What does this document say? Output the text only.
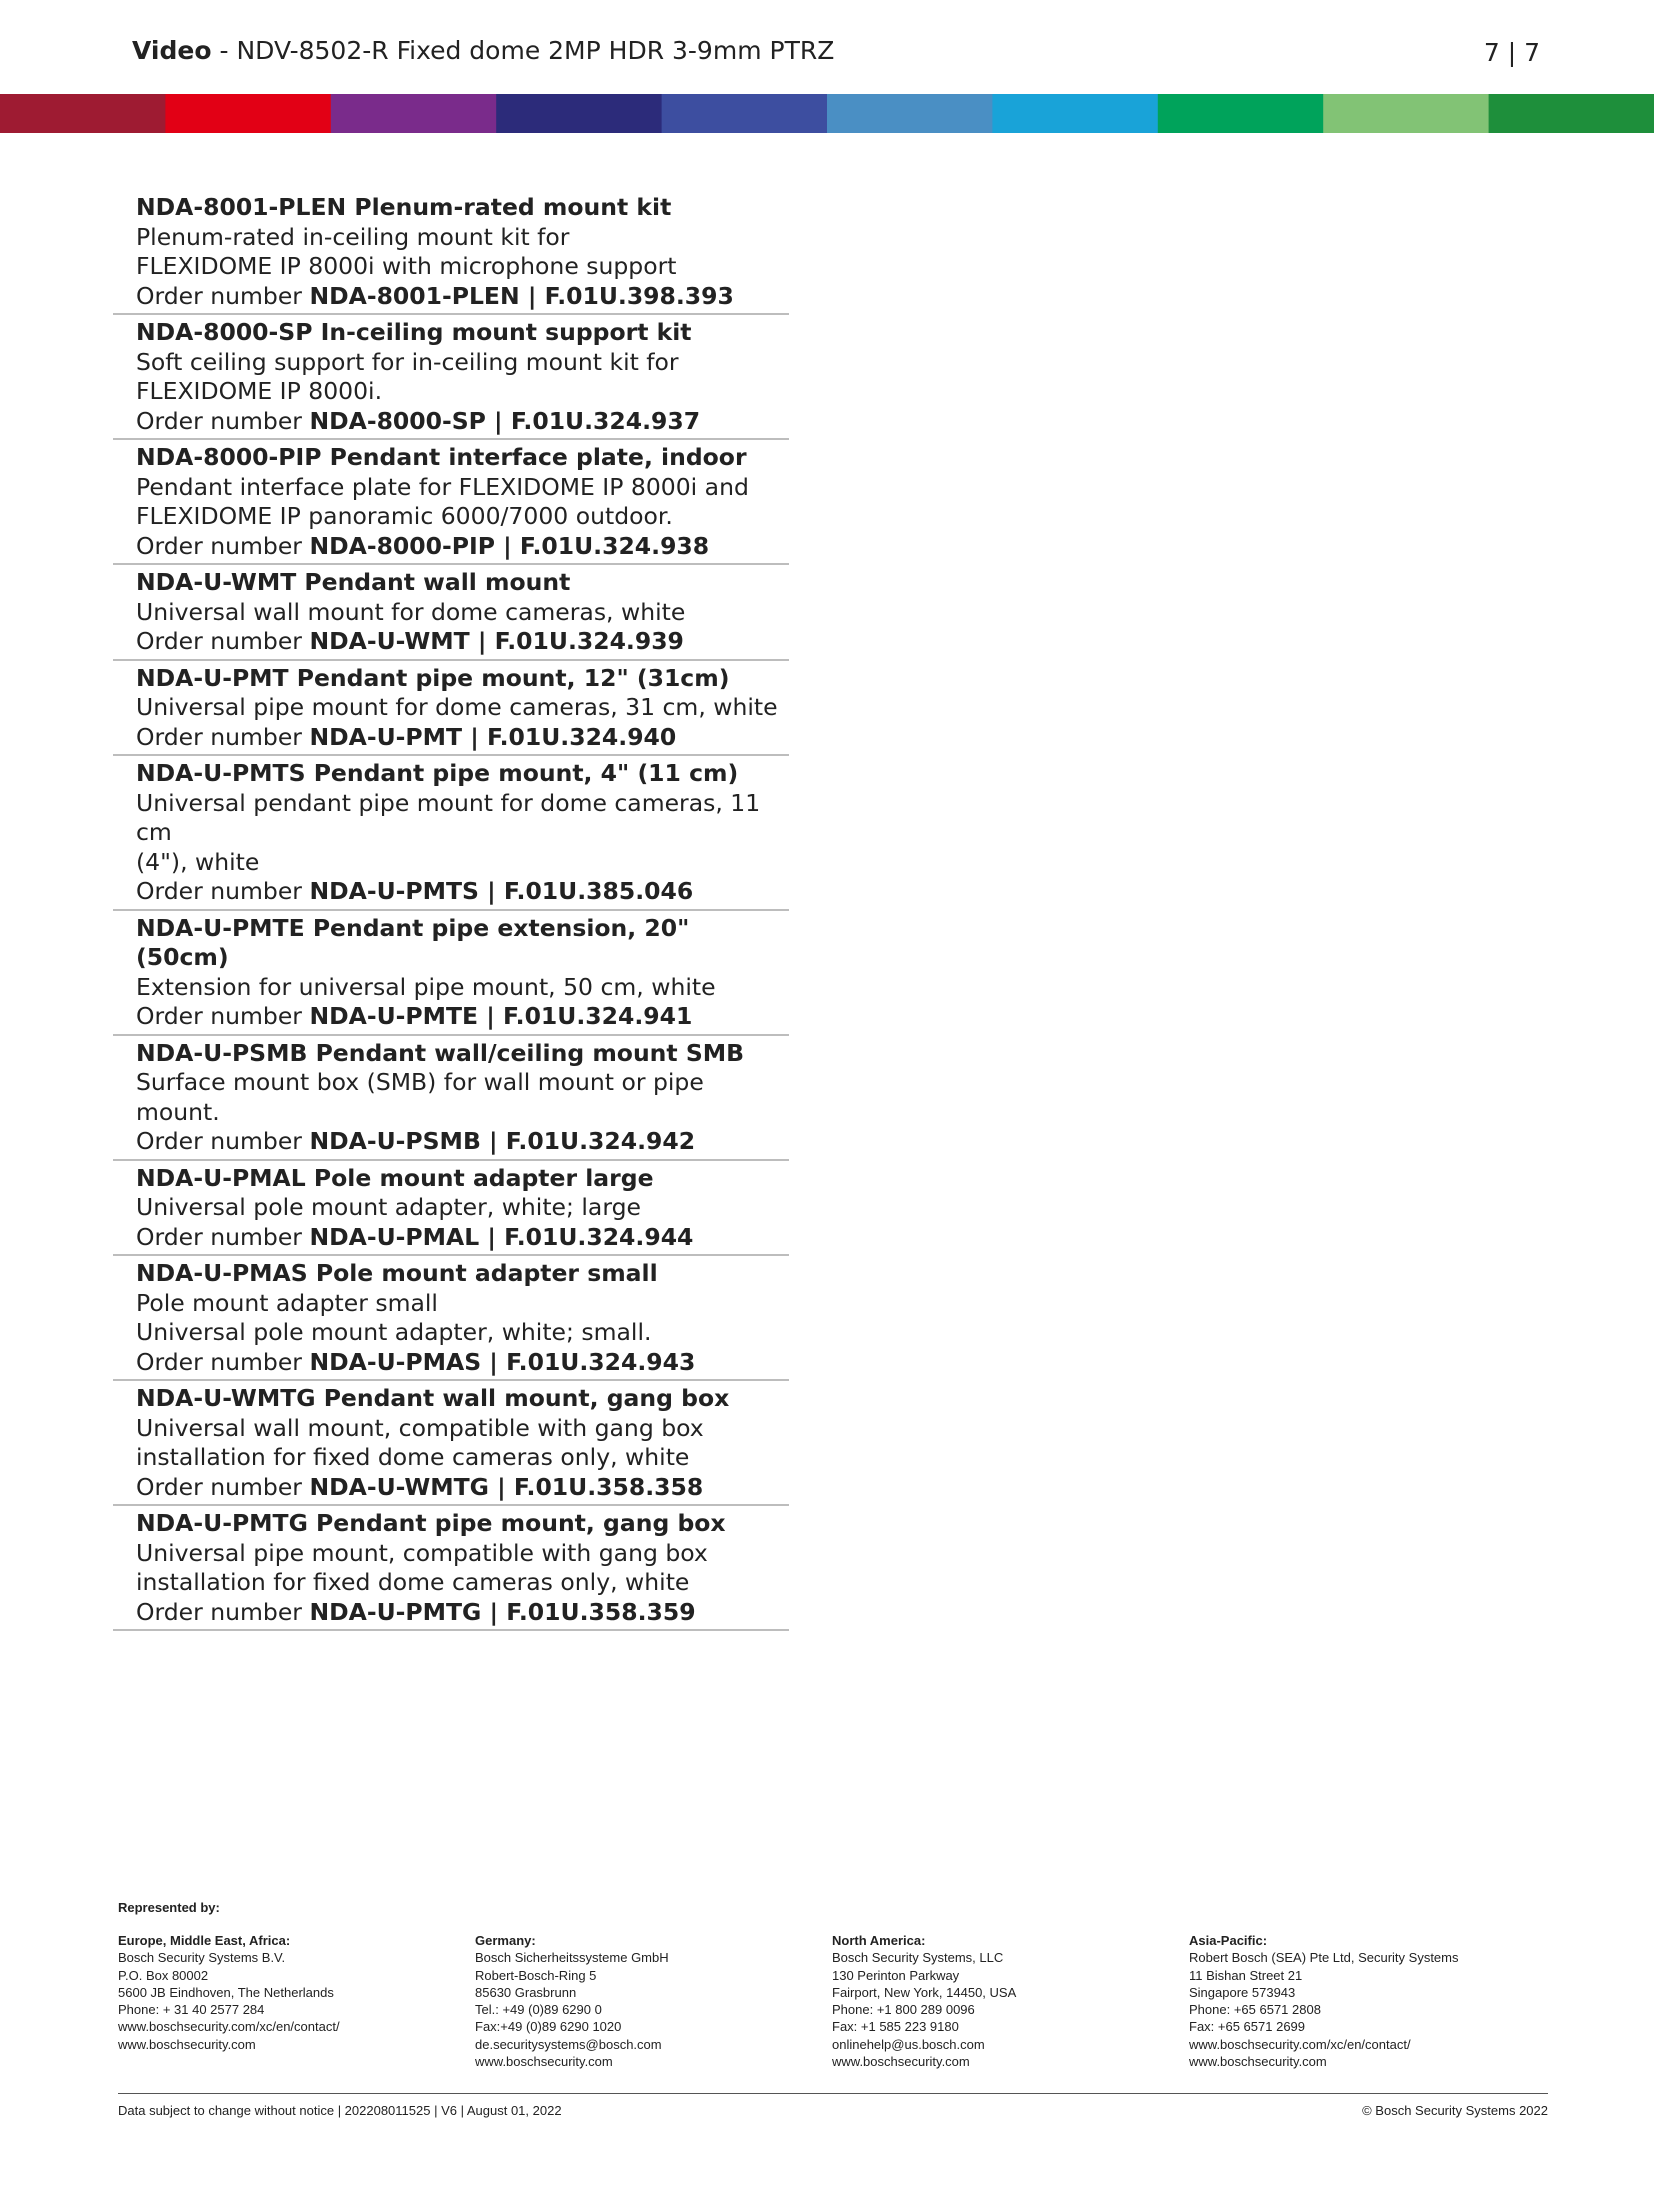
Video - NDV-8502-R Fixed dome 2MP HDR 3-9mm PTRZ	7 | 7
NDA-8001-PLEN Plenum-rated mount kit
Plenum-rated in-ceiling mount kit for
FLEXIDOME IP 8000i with microphone support
Order number NDA-8001-PLEN | F.01U.398.393
NDA-8000-SP In-ceiling mount support kit
Soft ceiling support for in-ceiling mount kit for
FLEXIDOME IP 8000i.
Order number NDA-8000-SP | F.01U.324.937
NDA-8000-PIP Pendant interface plate, indoor
Pendant interface plate for FLEXIDOME IP 8000i and
FLEXIDOME IP panoramic 6000/7000 outdoor.
Order number NDA-8000-PIP | F.01U.324.938
NDA-U-WMT Pendant wall mount
Universal wall mount for dome cameras, white
Order number NDA-U-WMT | F.01U.324.939
NDA-U-PMT Pendant pipe mount, 12" (31cm)
Universal pipe mount for dome cameras, 31 cm, white
Order number NDA-U-PMT | F.01U.324.940
NDA-U-PMTS Pendant pipe mount, 4" (11 cm)
Universal pendant pipe mount for dome cameras, 11 cm
(4"), white
Order number NDA-U-PMTS | F.01U.385.046
NDA-U-PMTE Pendant pipe extension, 20" (50cm)
Extension for universal pipe mount, 50 cm, white
Order number NDA-U-PMTE | F.01U.324.941
NDA-U-PSMB Pendant wall/ceiling mount SMB
Surface mount box (SMB) for wall mount or pipe mount.
Order number NDA-U-PSMB | F.01U.324.942
NDA-U-PMAL Pole mount adapter large
Universal pole mount adapter, white; large
Order number NDA-U-PMAL | F.01U.324.944
NDA-U-PMAS Pole mount adapter small
Pole mount adapter small
Universal pole mount adapter, white; small.
Order number NDA-U-PMAS | F.01U.324.943
NDA-U-WMTG Pendant wall mount, gang box
Universal wall mount, compatible with gang box
installation for fixed dome cameras only, white
Order number NDA-U-WMTG | F.01U.358.358
NDA-U-PMTG Pendant pipe mount, gang box
Universal pipe mount, compatible with gang box
installation for fixed dome cameras only, white
Order number NDA-U-PMTG | F.01U.358.359
Represented by:
Europe, Middle East, Africa:
Bosch Security Systems B.V.
P.O. Box 80002
5600 JB Eindhoven, The Netherlands
Phone: + 31 40 2577 284
www.boschsecurity.com/xc/en/contact/
www.boschsecurity.com
Germany:
Bosch Sicherheitssysteme GmbH
Robert-Bosch-Ring 5
85630 Grasbrunn
Tel.: +49 (0)89 6290 0
Fax:+49 (0)89 6290 1020
de.securitysystems@bosch.com
www.boschsecurity.com
North America:
Bosch Security Systems, LLC
130 Perinton Parkway
Fairport, New York, 14450, USA
Phone: +1 800 289 0096
Fax: +1 585 223 9180
onlinehelp@us.bosch.com
www.boschsecurity.com
Asia-Pacific:
Robert Bosch (SEA) Pte Ltd, Security Systems
11 Bishan Street 21
Singapore 573943
Phone: +65 6571 2808
Fax: +65 6571 2699
www.boschsecurity.com/xc/en/contact/
www.boschsecurity.com
Data subject to change without notice | 202208011525 | V6 | August 01, 2022	© Bosch Security Systems 2022
